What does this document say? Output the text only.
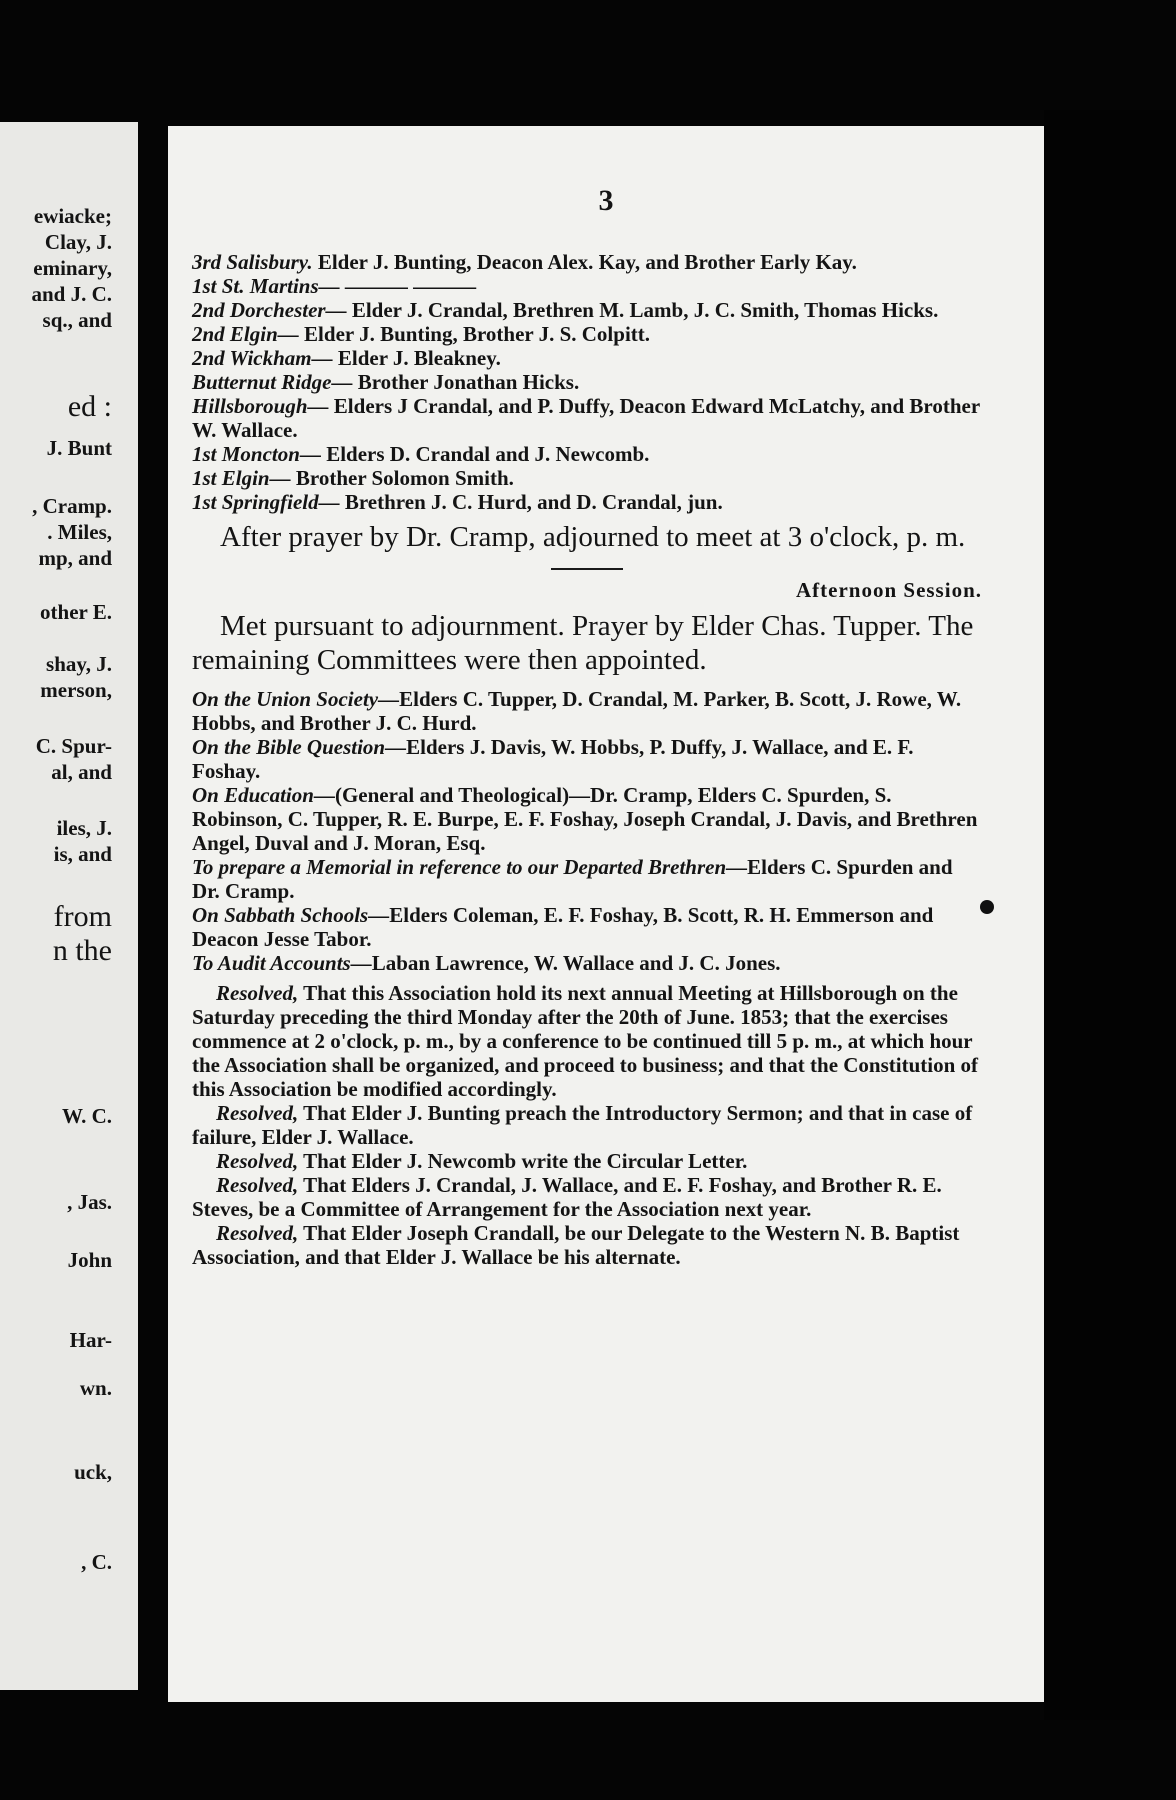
ewiacke;
Clay, J.
eminary,
and J. C.
sq., and
ed :
J. Bunt
, Cramp.
. Miles,
mp, and
other E.
shay, J.
merson,
C. Spur-
al, and
iles, J.
is, and
from
n the
W. C.
, Jas.
John
Har-
wn.
uck,
, C.
3

3rd Salisbury. Elder J. Bunting, Deacon Alex. Kay, and Brother Early Kay.

1st St. Martins— ——— ———

2nd Dorchester— Elder J. Crandal, Brethren M. Lamb, J. C. Smith, Thomas Hicks.

2nd Elgin— Elder J. Bunting, Brother J. S. Colpitt.

2nd Wickham— Elder J. Bleakney.

Butternut Ridge— Brother Jonathan Hicks.

Hillsborough— Elders J Crandal, and P. Duffy, Deacon Edward McLatchy, and Brother W. Wallace.

1st Moncton— Elders D. Crandal and J. Newcomb.

1st Elgin— Brother Solomon Smith.

1st Springfield— Brethren J. C. Hurd, and D. Crandal, jun.

After prayer by Dr. Cramp, adjourned to meet at 3 o'clock, p. m.

Afternoon Session.

Met pursuant to adjournment. Prayer by Elder Chas. Tupper. The remaining Committees were then appointed.

On the Union Society—Elders C. Tupper, D. Crandal, M. Parker, B. Scott, J. Rowe, W. Hobbs, and Brother J. C. Hurd.

On the Bible Question—Elders J. Davis, W. Hobbs, P. Duffy, J. Wallace, and E. F. Foshay.

On Education—(General and Theological)—Dr. Cramp, Elders C. Spurden, S. Robinson, C. Tupper, R. E. Burpe, E. F. Foshay, Joseph Crandal, J. Davis, and Brethren Angel, Duval and J. Moran, Esq.

To prepare a Memorial in reference to our Departed Brethren—Elders C. Spurden and Dr. Cramp.

On Sabbath Schools—Elders Coleman, E. F. Foshay, B. Scott, R. H. Emmerson and Deacon Jesse Tabor.

To Audit Accounts—Laban Lawrence, W. Wallace and J. C. Jones.

Resolved, That this Association hold its next annual Meeting at Hillsborough on the Saturday preceding the third Monday after the 20th of June. 1853; that the exercises commence at 2 o'clock, p. m., by a conference to be continued till 5 p. m., at which hour the Association shall be organized, and proceed to business; and that the Constitution of this Association be modified accordingly.

Resolved, That Elder J. Bunting preach the Introductory Sermon; and that in case of failure, Elder J. Wallace.

Resolved, That Elder J. Newcomb write the Circular Letter.

Resolved, That Elders J. Crandal, J. Wallace, and E. F. Foshay, and Brother R. E. Steves, be a Committee of Arrangement for the Association next year.

Resolved, That Elder Joseph Crandall, be our Delegate to the Western N. B. Baptist Association, and that Elder J. Wallace be his alternate.
